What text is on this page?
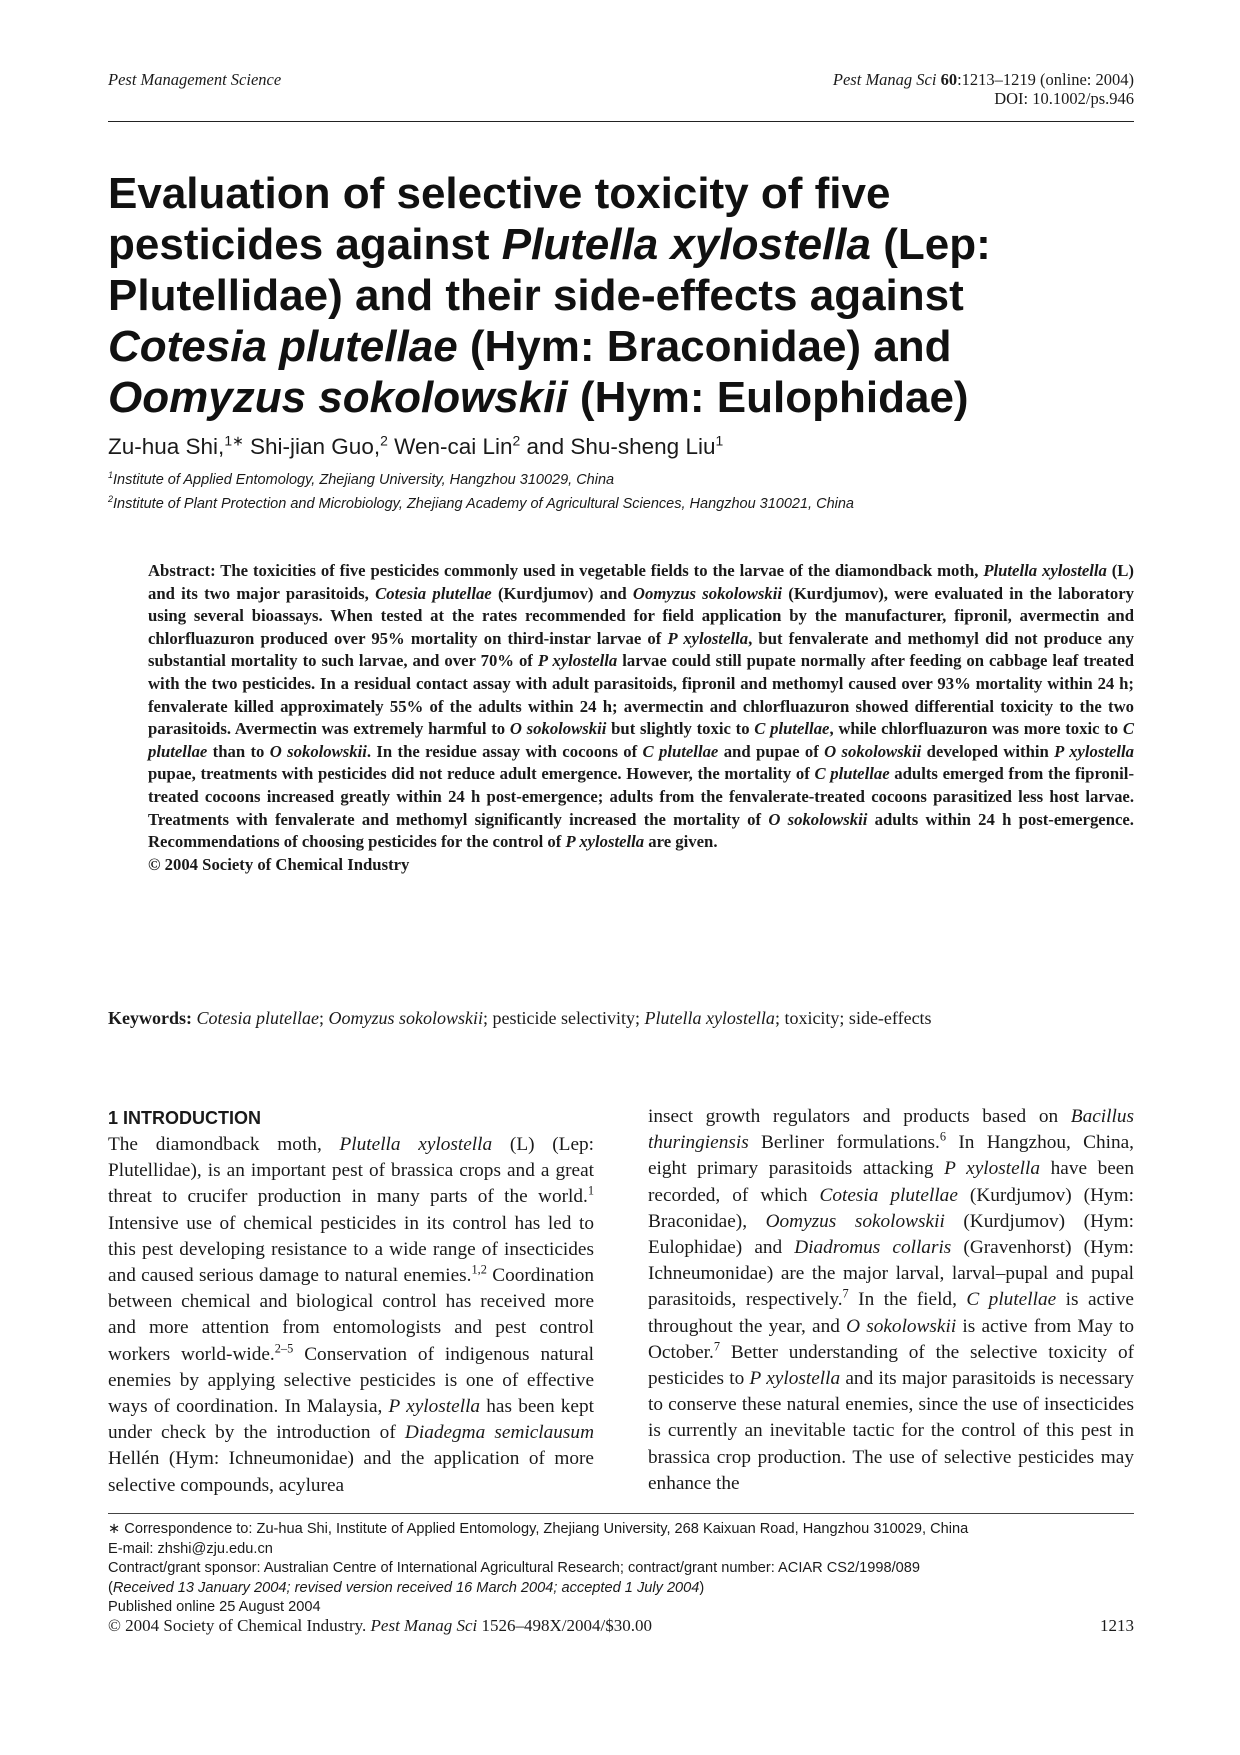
Pest Management Science	Pest Manag Sci 60:1213–1219 (online: 2004)
DOI: 10.1002/ps.946
Evaluation of selective toxicity of five
pesticides against Plutella xylostella (Lep:
Plutellidae) and their side-effects against
Cotesia plutellae (Hym: Braconidae) and
Oomyzus sokolowskii (Hym: Eulophidae)
Zu-hua Shi,$^{1∗}$ Shi-jian Guo,$^2$ Wen-cai Lin$^2$ and Shu-sheng Liu$^1$
$^1$Institute of Applied Entomology, Zhejiang University, Hangzhou 310029, China
$^2$Institute of Plant Protection and Microbiology, Zhejiang Academy of Agricultural Sciences, Hangzhou 310021, China

Abstract: The toxicities of five pesticides commonly used in vegetable fields to the larvae of the diamondback moth, Plutella xylostella (L) and its two major parasitoids, Cotesia plutellae (Kurdjumov) and Oomyzus sokolowskii (Kurdjumov), were evaluated in the laboratory using several bioassays. When tested at the rates recommended for field application by the manufacturer, fipronil, avermectin and chlorfluazuron produced over 95% mortality on third-instar larvae of P xylostella, but fenvalerate and methomyl did not produce any substantial mortality to such larvae, and over 70% of P xylostella larvae could still pupate normally after feeding on cabbage leaf treated with the two pesticides. In a residual contact assay with adult parasitoids, fipronil and methomyl caused over 93% mortality within 24 h; fenvalerate killed approximately 55% of the adults within 24 h; avermectin and chlorfluazuron showed differential toxicity to the two parasitoids. Avermectin was extremely harmful to O sokolowskii but slightly toxic to C plutellae, while chlorfluazuron was more toxic to C plutellae than to O sokolowskii. In the residue assay with cocoons of C plutellae and pupae of O sokolowskii developed within P xylostella pupae, treatments with pesticides did not reduce adult emergence. However, the mortality of C plutellae adults emerged from the fipronil-treated cocoons increased greatly within 24 h post-emergence; adults from the fenvalerate-treated cocoons parasitized less host larvae. Treatments with fenvalerate and methomyl significantly increased the mortality of O sokolowskii adults within 24 h post-emergence. Recommendations of choosing pesticides for the control of P xylostella are given.

© 2004 Society of Chemical Industry

Keywords: Cotesia plutellae; Oomyzus sokolowskii; pesticide selectivity; Plutella xylostella; toxicity; side-effects
1 INTRODUCTION

The diamondback moth, Plutella xylostella (L) (Lep: Plutellidae), is an important pest of brassica crops and a great threat to crucifer production in many parts of the world.$^1$ Intensive use of chemical pesticides in its control has led to this pest developing resistance to a wide range of insecticides and caused serious damage to natural enemies.$^{1,2}$ Coordination between chemical and biological control has received more and more attention from entomologists and pest control workers world-wide.$^{2-5}$ Conservation of indigenous natural enemies by applying selective pesticides is one of effective ways of coordination. In Malaysia, P xylostella has been kept under check by the introduction of Diadegma semiclausum Hellén (Hym: Ichneumonidae) and the application of more selective compounds, acylurea

insect growth regulators and products based on Bacillus thuringiensis Berliner formulations.$^6$ In Hangzhou, China, eight primary parasitoids attacking P xylostella have been recorded, of which Cotesia plutellae (Kurdjumov) (Hym: Braconidae), Oomyzus sokolowskii (Kurdjumov) (Hym: Eulophidae) and Diadromus collaris (Gravenhorst) (Hym: Ichneumonidae) are the major larval, larval–pupal and pupal parasitoids, respectively.$^7$ In the field, C plutellae is active throughout the year, and O sokolowskii is active from May to October.$^7$ Better understanding of the selective toxicity of pesticides to P xylostella and its major parasitoids is necessary to conserve these natural enemies, since the use of insecticides is currently an inevitable tactic for the control of this pest in brassica crop production. The use of selective pesticides may enhance the

∗ Correspondence to: Zu-hua Shi, Institute of Applied Entomology, Zhejiang University, 268 Kaixuan Road, Hangzhou 310029, China
E-mail: zhshi@zju.edu.cn
Contract/grant sponsor: Australian Centre of International Agricultural Research; contract/grant number: ACIAR CS2/1998/089
(Received 13 January 2004; revised version received 16 March 2004; accepted 1 July 2004)
Published online 25 August 2004
© 2004 Society of Chemical Industry. Pest Manag Sci 1526–498X/2004/$30.00	1213
